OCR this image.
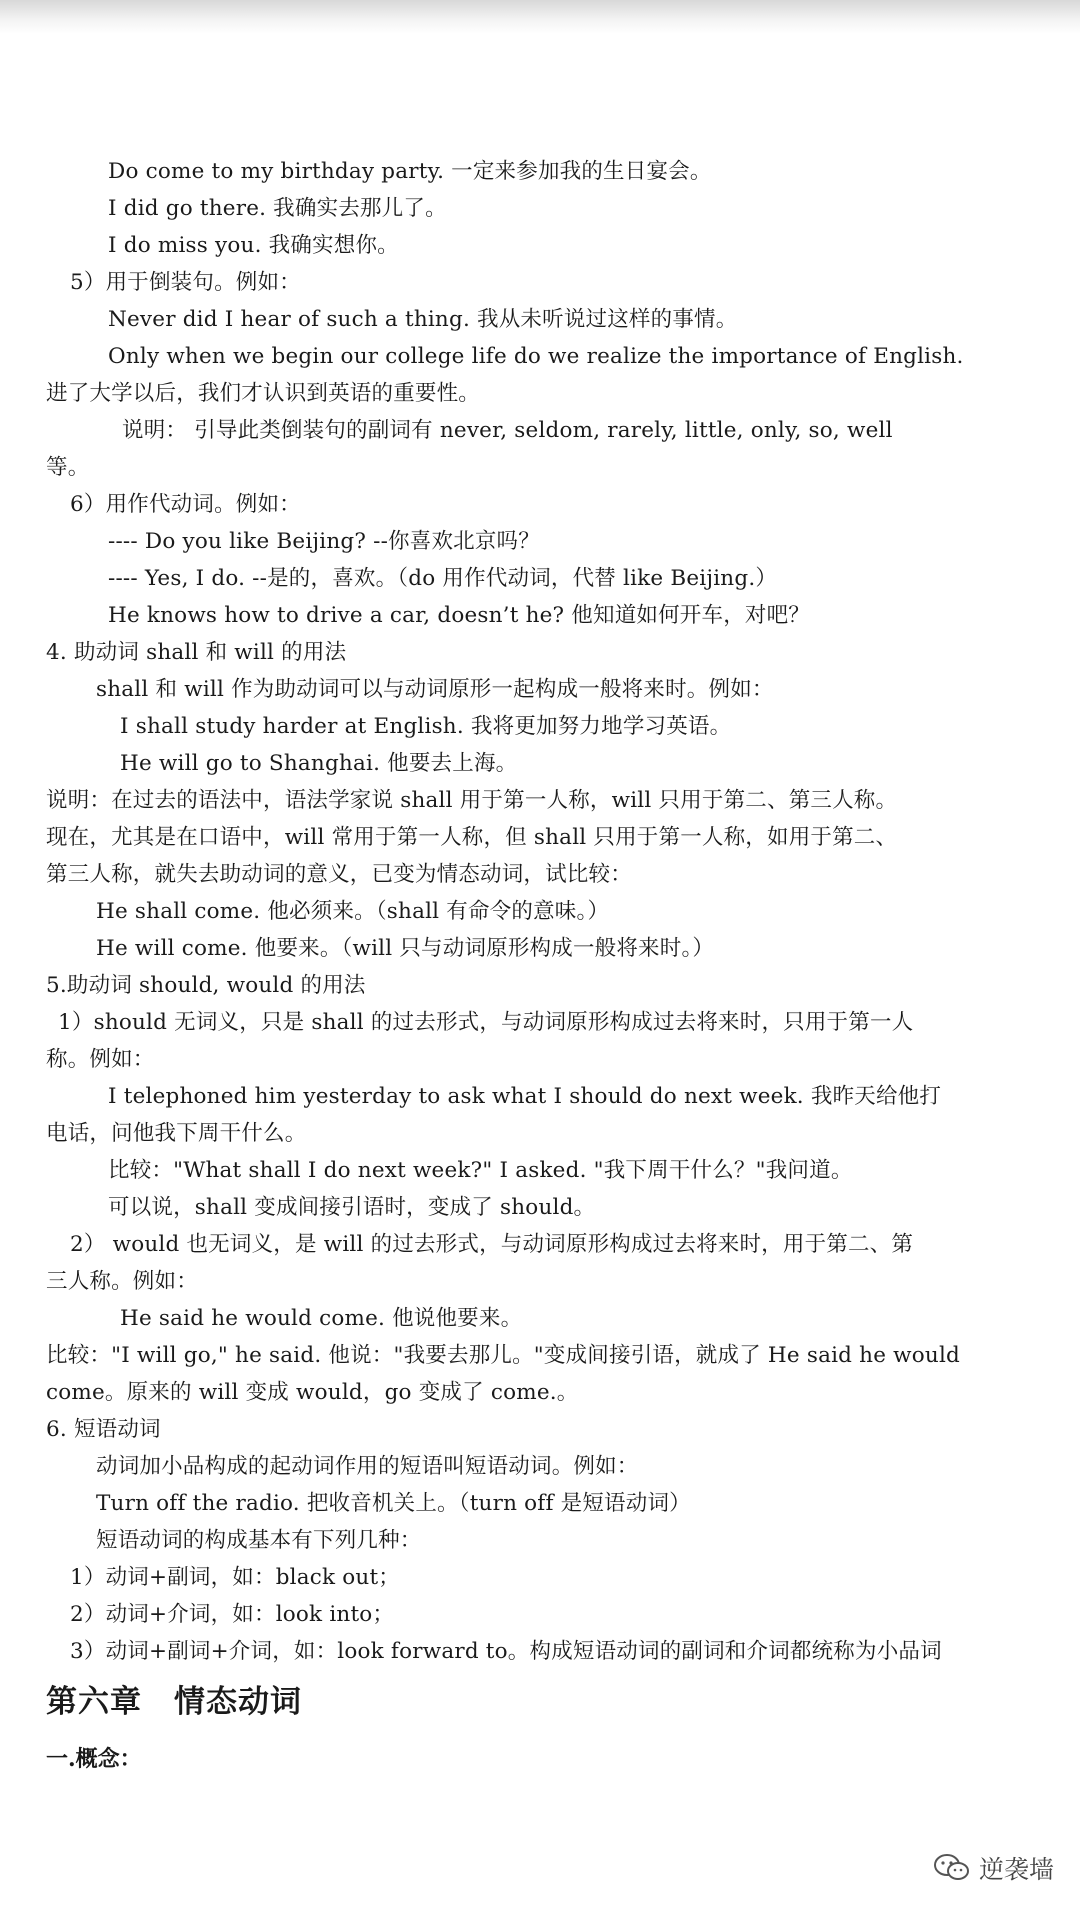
Do come to my birthday party. 一定来参加我的生日宴会。
I did go there. 我确实去那儿了。
I do miss you. 我确实想你。
5）用于倒装句。例如：
Never did I hear of such a thing. 我从未听说过这样的事情。
Only when we begin our college life do we realize the importance of English.
进了大学以后，我们才认识到英语的重要性。
说明： 引导此类倒装句的副词有 never, seldom, rarely, little, only, so, well
等。
6）用作代动词。例如：
---- Do you like Beijing? --你喜欢北京吗？
---- Yes, I do. --是的，喜欢。（do 用作代动词，代替 like Beijing.）
He knows how to drive a car, doesn’t he? 他知道如何开车，对吧？
4. 助动词 shall 和 will 的用法
shall 和 will 作为助动词可以与动词原形一起构成一般将来时。例如：
I shall study harder at English. 我将更加努力地学习英语。
He will go to Shanghai. 他要去上海。
说明：在过去的语法中，语法学家说 shall 用于第一人称，will 只用于第二、第三人称。
现在，尤其是在口语中，will 常用于第一人称，但 shall 只用于第一人称，如用于第二、
第三人称，就失去助动词的意义，已变为情态动词，试比较：
He shall come. 他必须来。（shall 有命令的意味。）
He will come. 他要来。（will 只与动词原形构成一般将来时。）
5.助动词 should, would 的用法
1）should 无词义，只是 shall 的过去形式，与动词原形构成过去将来时，只用于第一人
称。例如：
I telephoned him yesterday to ask what I should do next week. 我昨天给他打
电话，问他我下周干什么。
比较："What shall I do next week?" I asked. "我下周干什么？"我问道。
可以说，shall 变成间接引语时，变成了 should。
2） would 也无词义，是 will 的过去形式，与动词原形构成过去将来时，用于第二、第
三人称。例如：
He said he would come. 他说他要来。
比较："I will go," he said. 他说："我要去那儿。"变成间接引语，就成了 He said he would
come。原来的 will 变成 would，go 变成了 come.。
6. 短语动词
动词加小品构成的起动词作用的短语叫短语动词。例如：
Turn off the radio. 把收音机关上。（turn off 是短语动词）
短语动词的构成基本有下列几种：
1）动词+副词，如：black out；
2）动词+介词，如：look into；
3）动词+副词+介词，如：look forward to。构成短语动词的副词和介词都统称为小品词
第六章　情态动词
一.概念：
逆袭墙
